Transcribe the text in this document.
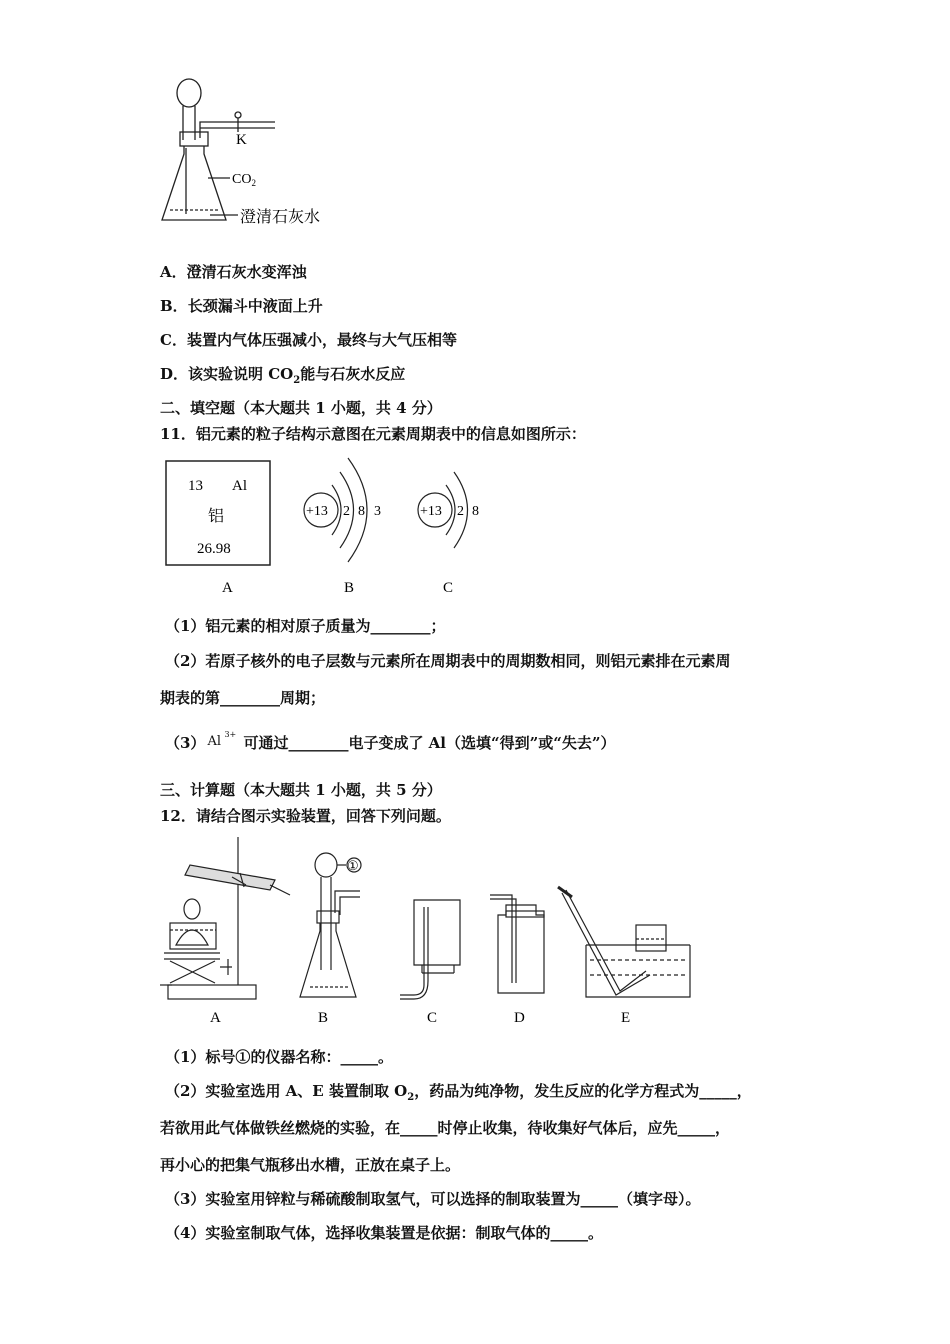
K
$CO_2$
澄清石灰水
A．澄清石灰水变浑浊
B．长颈漏斗中液面上升
C．装置内气体压强减小，最终与大气压相等
D．该实验说明 $CO_2$能与石灰水反应
二、填空题（本大题共 1 小题，共 4 分）
11．铝元素的粒子结构示意图在元素周期表中的信息如图所示：
13 Al
铝
26.98
+13 2 8 3	+13 2 8
A	B	C
（1）铝元素的相对原子质量为________；
（2）若原子核外的电子层数与元素所在周期表中的周期数相同，则铝元素排在元素周
期表的第________周期；
（3） Al 3+ 可通过________电子变成了 Al（选填“得到”或“失去”）
三、计算题（本大题共 1 小题，共 5 分）
12．请结合图示实验装置，回答下列问题。
①
A	B	C	D	E
（1）标号①的仪器名称：_____。
（2）实验室选用 A、E 装置制取 $O_2$，药品为纯净物，发生反应的化学方程式为_____，
若欲用此气体做铁丝燃烧的实验，在_____时停止收集，待收集好气体后，应先_____，
再小心的把集气瓶移出水槽，正放在桌子上。
（3）实验室用锌粒与稀硫酸制取氢气，可以选择的制取装置为_____（填字母）。
（4）实验室制取气体，选择收集装置是依据：制取气体的_____。
